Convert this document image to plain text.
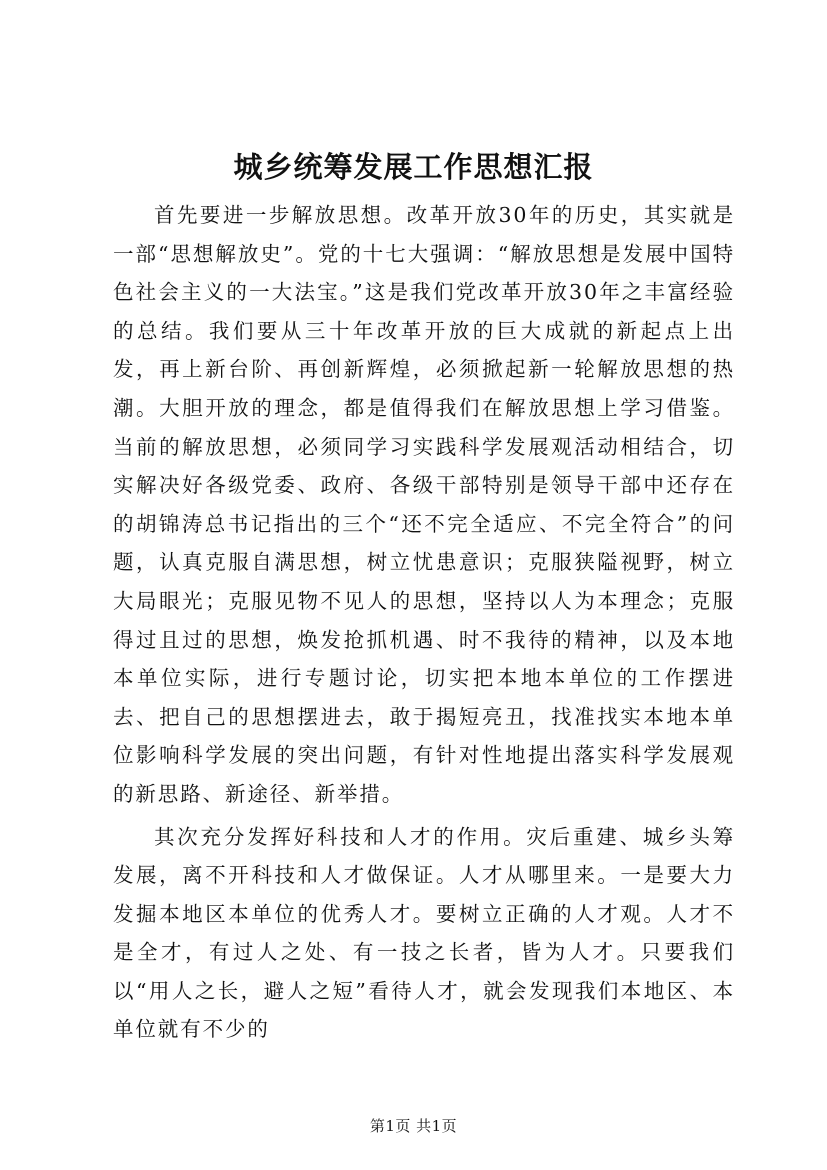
城乡统筹发展工作思想汇报

首先要进一步解放思想。改革开放30年的历史，其实就是一部“思想解放史”。党的十七大强调：“解放思想是发展中国特色社会主义的一大法宝。”这是我们党改革开放30年之丰富经验的总结。我们要从三十年改革开放的巨大成就的新起点上出发，再上新台阶、再创新辉煌，必须掀起新一轮解放思想的热潮。大胆开放的理念，都是值得我们在解放思想上学习借鉴。当前的解放思想，必须同学习实践科学发展观活动相结合，切实解决好各级党委、政府、各级干部特别是领导干部中还存在的胡锦涛总书记指出的三个“还不完全适应、不完全符合”的问题，认真克服自满思想，树立忧患意识；克服狭隘视野，树立大局眼光；克服见物不见人的思想，坚持以人为本理念；克服得过且过的思想，焕发抢抓机遇、时不我待的精神，以及本地本单位实际，进行专题讨论，切实把本地本单位的工作摆进去、把自己的思想摆进去，敢于揭短亮丑，找准找实本地本单位影响科学发展的突出问题，有针对性地提出落实科学发展观的新思路、新途径、新举措。

其次充分发挥好科技和人才的作用。灾后重建、城乡头筹发展，离不开科技和人才做保证。人才从哪里来。一是要大力发掘本地区本单位的优秀人才。要树立正确的人才观。人才不是全才，有过人之处、有一技之长者，皆为人才。只要我们以“用人之长，避人之短”看待人才，就会发现我们本地区、本单位就有不少的

第1页 共1页
